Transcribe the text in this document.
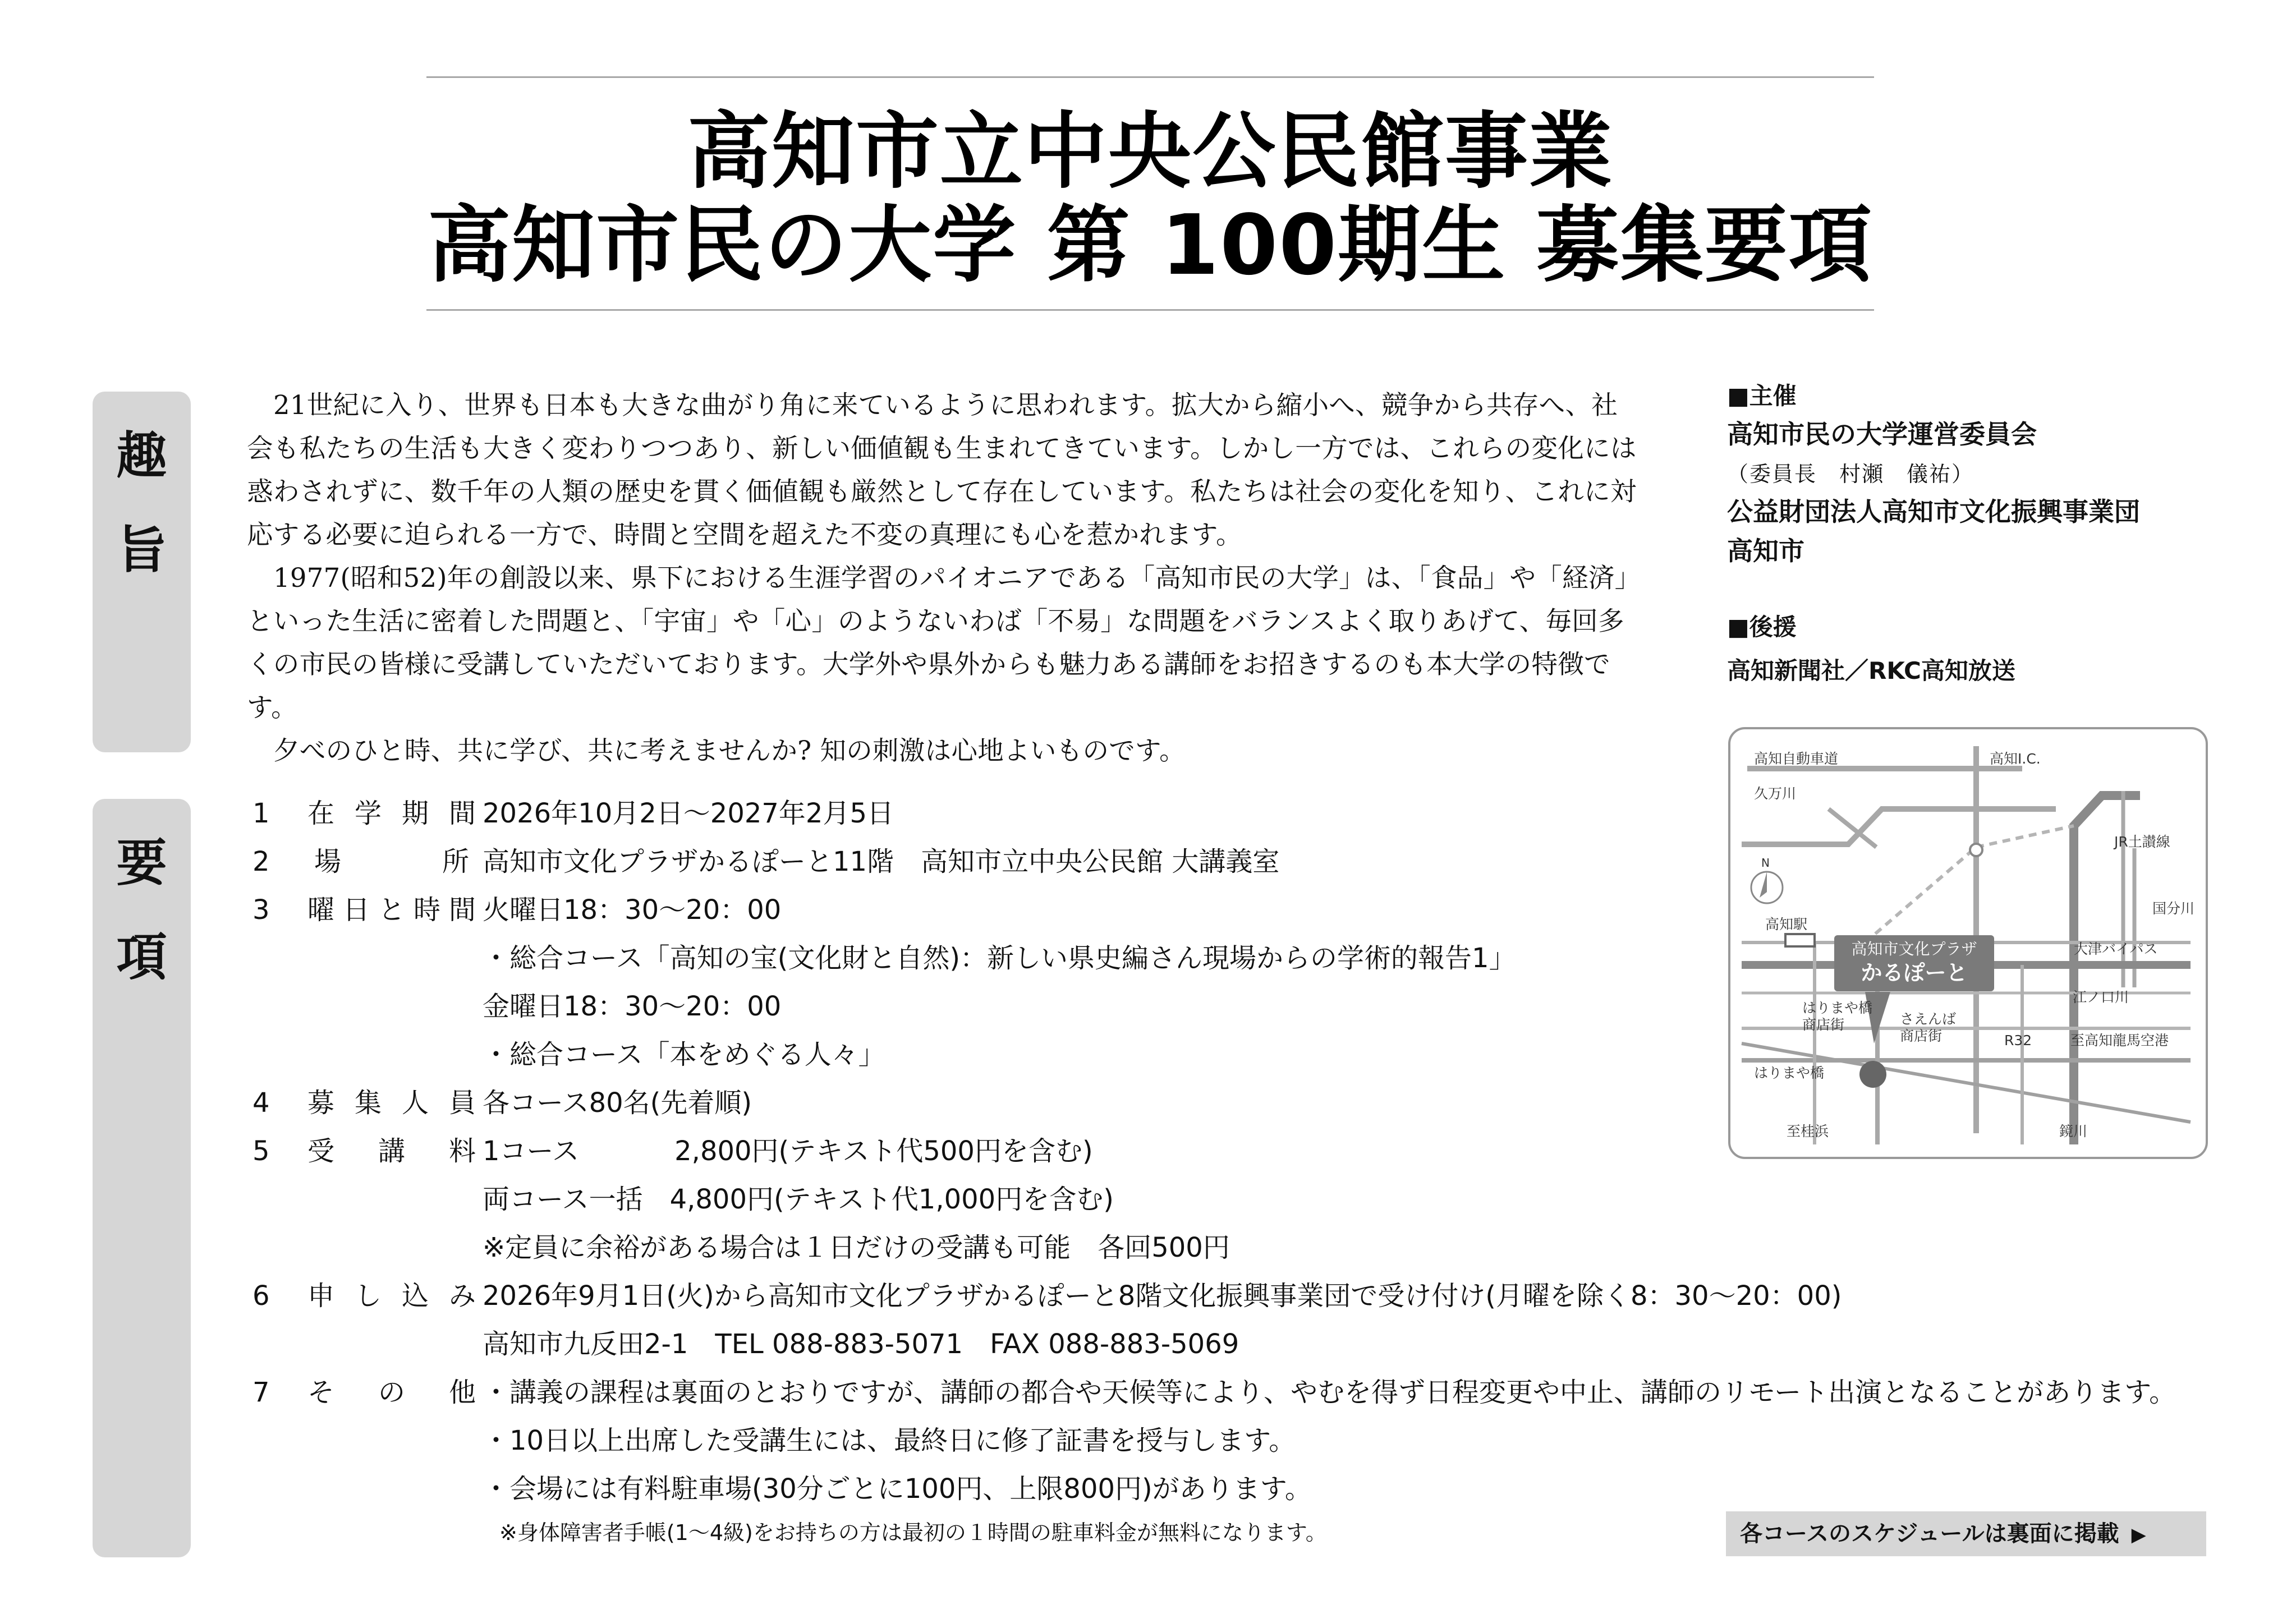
高知市立中央公民館事業
高知市民の大学 第 100期生 募集要項
趣
旨

21世紀に入り、世界も日本も大きな曲がり角に来ているように思われます。拡大から縮小へ、競争から共存へ、社会も私たちの生活も大きく変わりつつあり、新しい価値観も生まれてきています。しかし一方では、これらの変化には惑わされずに、数千年の人類の歴史を貫く価値観も厳然として存在しています。私たちは社会の変化を知り、これに対応する必要に迫られる一方で、時間と空間を超えた不変の真理にも心を惹かれます。

1977(昭和52)年の創設以来、県下における生涯学習のパイオニアである「高知市民の大学」は、「食品」や「経済」といった生活に密着した問題と、「宇宙」や「心」のようないわば「不易」な問題をバランスよく取りあげて、毎回多くの市民の皆様に受講していただいております。大学外や県外からも魅力ある講師をお招きするのも本大学の特徴です。

夕べのひと時、共に学び、共に考えませんか? 知の刺激は心地よいものです。

要
項
1 在 学 期 間 2026年10月2日〜2027年2月5日
2 場	所 高知市文化プラザかるぽーと11階　高知市立中央公民館 大講義室
3 曜 日 と 時 間 火曜日18：30〜20：00
・総合コース「高知の宝(文化財と自然)：新しい県史編さん現場からの学術的報告1」
金曜日18：30〜20：00
・総合コース「本をめぐる人々」
4 募 集 人 員 各コース80名(先着順)
5 受 講 料 1コース	2,800円(テキスト代500円を含む)
両コース一括　4,800円(テキスト代1,000円を含む)
※定員に余裕がある場合は１日だけの受講も可能　各回500円
6 申 し 込 み 2026年9月1日(火)から高知市文化プラザかるぽーと8階文化振興事業団で受け付け(月曜を除く8：30〜20：00)
高知市九反田2-1　TEL 088-883-5071　FAX 088-883-5069
7 そ の 他 ・講義の課程は裏面のとおりですが、講師の都合や天候等により、やむを得ず日程変更や中止、講師のリモート出演となることがあります。
・10日以上出席した受講生には、最終日に修了証書を授与します。
・会場には有料駐車場(30分ごとに100円、上限800円)があります。
※身体障害者手帳(1〜4級)をお持ちの方は最初の１時間の駐車料金が無料になります。
■主催
高知市民の大学運営委員会
（委員長　村瀬　儀祐）
公益財団法人高知市文化振興事業団
高知市
■後援
高知新聞社／RKC高知放送
高知自動車道
久万川
高知I.C.
JR土讃線
N
国分川
高知駅
大津バイパス
高知市文化プラザ
かるぽーと
はりまや橋
商店街	さえんば
商店街
江ノ口川
R32	至高知龍馬空港
はりまや橋
至桂浜	鏡川
各コースのスケジュールは裏面に掲載 ▶
